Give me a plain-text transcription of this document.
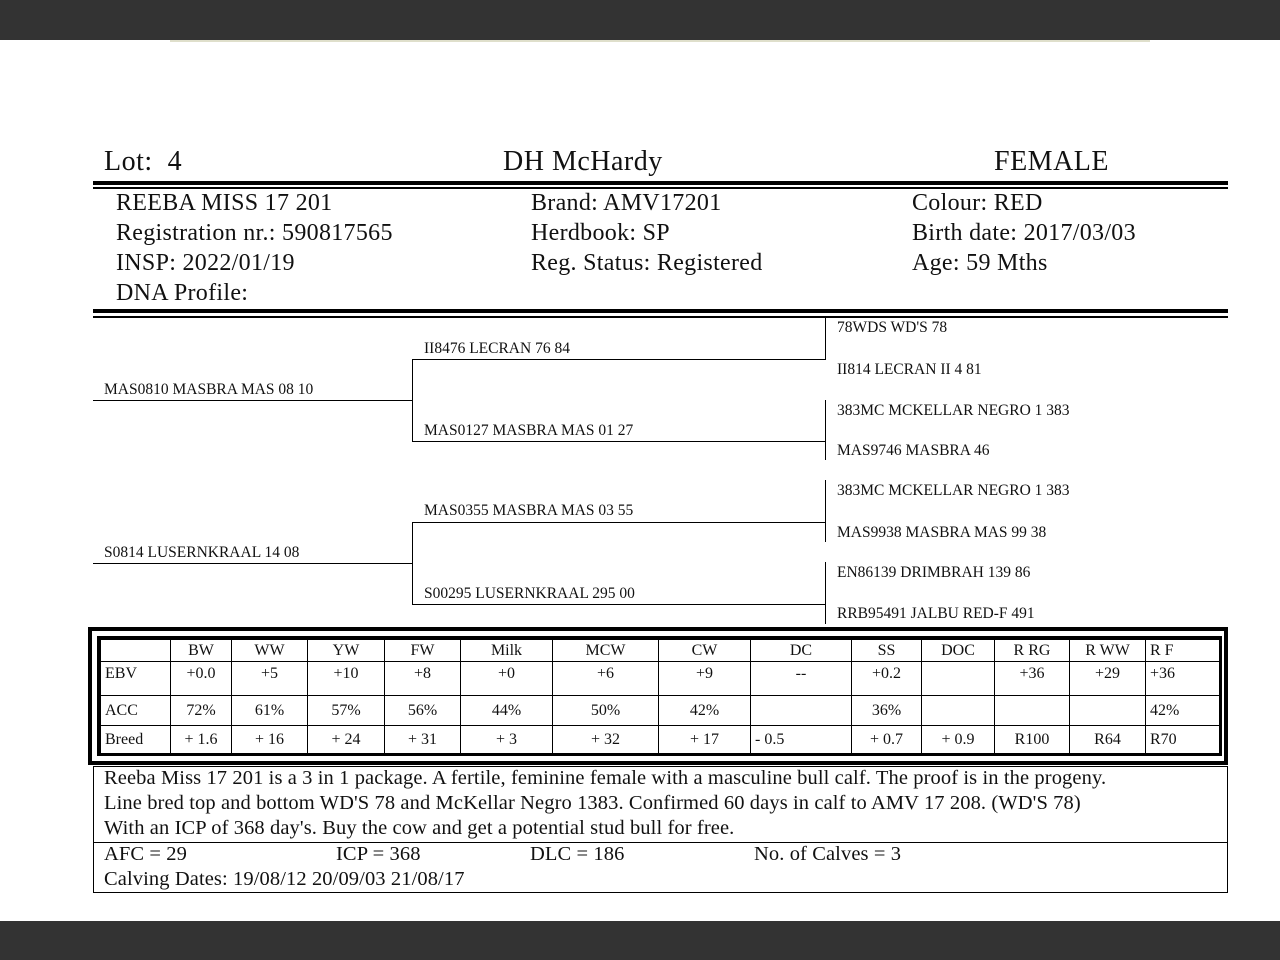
Lot: 4	DH McHardy	FEMALE
REEBA MISS 17 201
Registration nr.: 590817565
INSP: 2022/01/19
DNA Profile:
Brand: AMV17201
Herdbook: SP
Reg. Status: Registered
Colour: RED
Birth date: 2017/03/03
Age: 59 Mths
MAS0810 MASBRA MAS 08 10
S0814 LUSERNKRAAL 14 08
II8476 LECRAN 76 84
MAS0127 MASBRA MAS 01 27
MAS0355 MASBRA MAS 03 55
S00295 LUSERNKRAAL 295 00
78WDS WD'S 78
II814 LECRAN II 4 81
383MC MCKELLAR NEGRO 1 383
MAS9746 MASBRA 46
383MC MCKELLAR NEGRO 1 383
MAS9938 MASBRA MAS 99 38
EN86139 DRIMBRAH 139 86
RRB95491 JALBU RED-F 491
	BW	WW	YW	FW	Milk	MCW	CW	DC	SS	DOC	R RG	R WW	R F
EBV	+0.0	+5	+10	+8	+0	+6	+9	--	+0.2		+36	+29	+36
ACC	72%	61%	57%	56%	44%	50%	42%		36%				42%
Breed	+ 1.6	+ 16	+ 24	+ 31	+ 3	+ 32	+ 17	- 0.5	+ 0.7	+ 0.9	R100	R64	R70
Reeba Miss 17 201 is a 3 in 1 package. A fertile, feminine female with a masculine bull calf. The proof is in the progeny.
Line bred top and bottom WD'S 78 and McKellar Negro 1383. Confirmed 60 days in calf to AMV 17 208. (WD'S 78)
With an ICP of 368 day's. Buy the cow and get a potential stud bull for free.
AFC = 29	ICP = 368	DLC = 186	No. of Calves = 3
Calving Dates: 19/08/12 20/09/03 21/08/17
